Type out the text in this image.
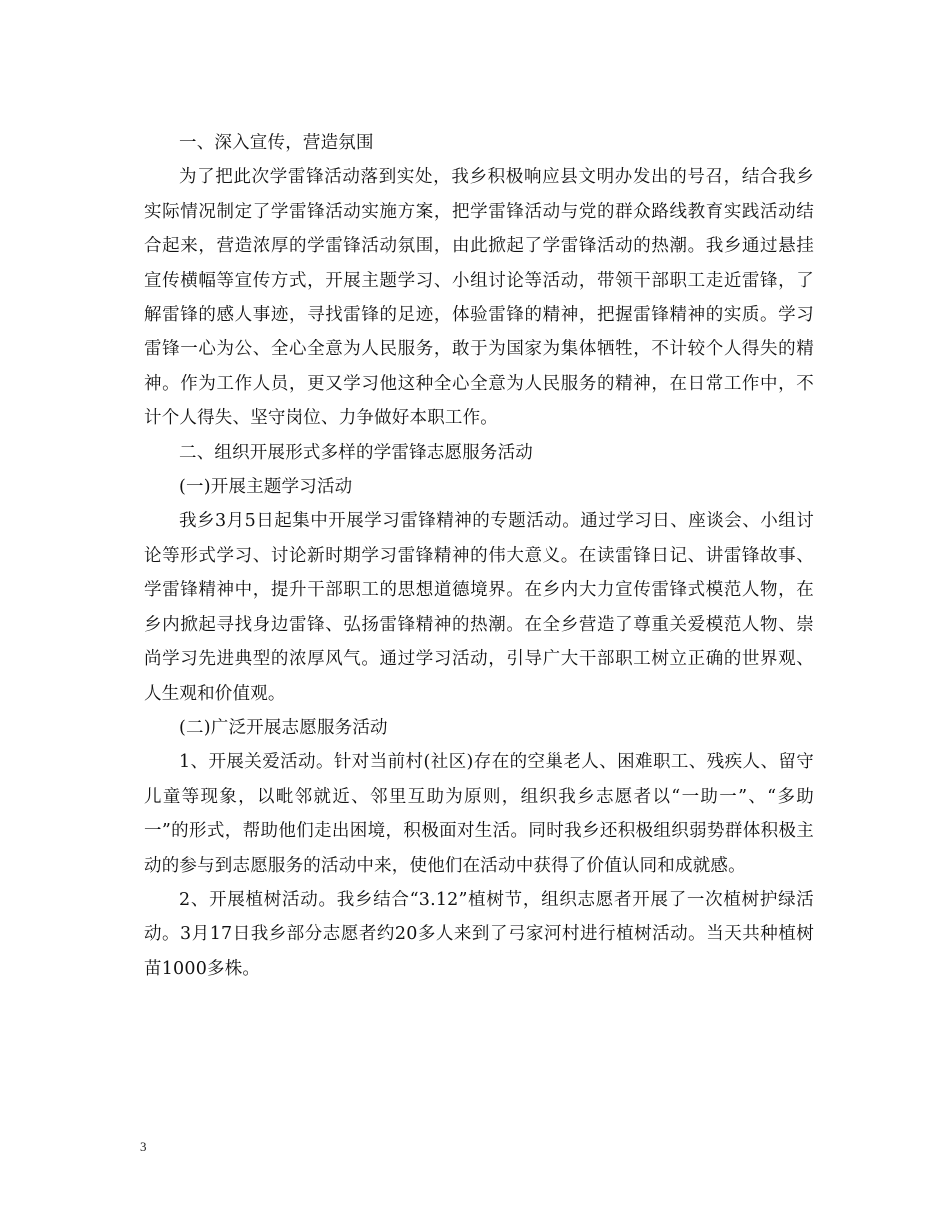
一、深入宣传，营造氛围

为了把此次学雷锋活动落到实处，我乡积极响应县文明办发出的号召，结合我乡实际情况制定了学雷锋活动实施方案，把学雷锋活动与党的群众路线教育实践活动结合起来，营造浓厚的学雷锋活动氛围，由此掀起了学雷锋活动的热潮。我乡通过悬挂宣传横幅等宣传方式，开展主题学习、小组讨论等活动，带领干部职工走近雷锋，了解雷锋的感人事迹，寻找雷锋的足迹，体验雷锋的精神，把握雷锋精神的实质。学习雷锋一心为公、全心全意为人民服务，敢于为国家为集体牺牲，不计较个人得失的精神。作为工作人员，更又学习他这种全心全意为人民服务的精神，在日常工作中，不计个人得失、坚守岗位、力争做好本职工作。

二、组织开展形式多样的学雷锋志愿服务活动

(一)开展主题学习活动

我乡3月5日起集中开展学习雷锋精神的专题活动。通过学习日、座谈会、小组讨论等形式学习、讨论新时期学习雷锋精神的伟大意义。在读雷锋日记、讲雷锋故事、学雷锋精神中，提升干部职工的思想道德境界。在乡内大力宣传雷锋式模范人物，在乡内掀起寻找身边雷锋、弘扬雷锋精神的热潮。在全乡营造了尊重关爱模范人物、崇尚学习先进典型的浓厚风气。通过学习活动，引导广大干部职工树立正确的世界观、人生观和价值观。

(二)广泛开展志愿服务活动

1、开展关爱活动。针对当前村(社区)存在的空巢老人、困难职工、残疾人、留守儿童等现象，以毗邻就近、邻里互助为原则，组织我乡志愿者以“一助一”、“多助一”的形式，帮助他们走出困境，积极面对生活。同时我乡还积极组织弱势群体积极主动的参与到志愿服务的活动中来，使他们在活动中获得了价值认同和成就感。

2、开展植树活动。我乡结合“3.12”植树节，组织志愿者开展了一次植树护绿活动。3月17日我乡部分志愿者约20多人来到了弓家河村进行植树活动。当天共种植树苗1000多株。

3
